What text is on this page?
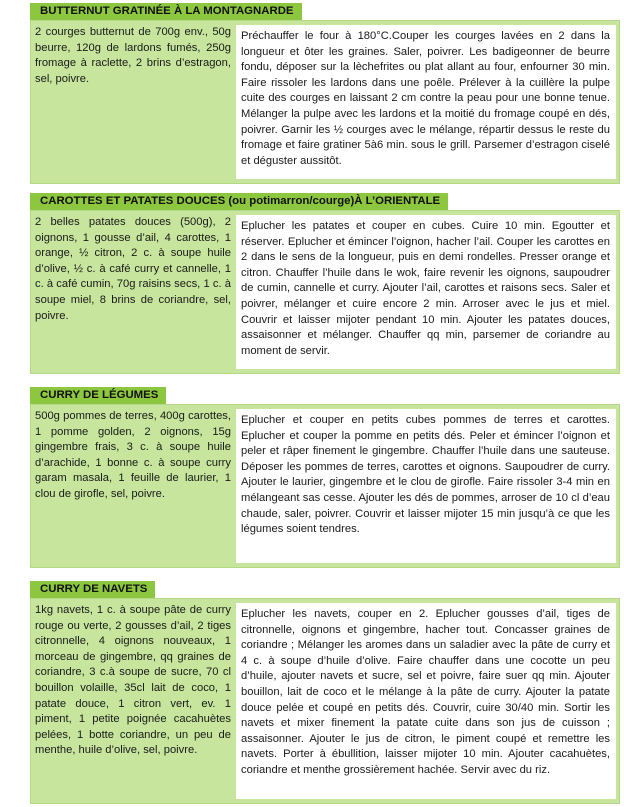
BUTTERNUT GRATINÉE À LA MONTAGNARDE

2 courges butternut de 700g env., 50g beurre, 120g de lardons fumés, 250g fromage à raclette, 2 brins d’estragon, sel, poivre.

Préchauffer le four à 180°C.Couper les courges lavées en 2 dans la longueur et ôter les graines. Saler, poivrer. Les badigeonner de beurre fondu, déposer sur la lèchefrites ou plat allant au four, enfourner 30 min. Faire rissoler les lardons dans une poêle. Prélever à la cuillère la pulpe cuite des courges en laissant 2 cm contre la peau pour une bonne tenue. Mélanger la pulpe avec les lardons et la moitié du fromage coupé en dés, poivrer. Garnir les ½ courges avec le mélange, répartir dessus le reste du fromage et faire gratiner 5à6 min. sous le grill. Parsemer d’estragon ciselé et déguster aussitôt.

CAROTTES ET PATATES DOUCES (ou potimarron/courge)À L’ORIENTALE

2 belles patates douces (500g), 2 oignons, 1 gousse d’ail, 4 carottes, 1 orange, ½ citron, 2 c. à soupe huile d’olive, ½ c. à café curry et cannelle, 1 c. à café cumin, 70g raisins secs, 1 c. à soupe miel, 8 brins de coriandre, sel, poivre.

Eplucher les patates et couper en cubes. Cuire 10 min. Egoutter et réserver. Eplucher et émincer l’oignon, hacher l’ail. Couper les carottes en 2 dans le sens de la longueur, puis en demi rondelles. Presser orange et citron. Chauffer l’huile dans le wok, faire revenir les oignons, saupoudrer de cumin, cannelle et curry. Ajouter l’ail, carottes et raisons secs. Saler et poivrer, mélanger et cuire encore 2 min. Arroser avec le jus et miel. Couvrir et laisser mijoter pendant 10 min. Ajouter les patates douces, assaisonner et mélanger. Chauffer qq min, parsemer de coriandre au moment de servir.

CURRY DE LÉGUMES

500g pommes de terres, 400g carottes, 1 pomme golden, 2 oignons, 15g gingembre frais, 3 c. à soupe huile d’arachide, 1 bonne c. à soupe curry garam masala, 1 feuille de laurier, 1 clou de girofle, sel, poivre.

Eplucher et couper en petits cubes pommes de terres et carottes. Eplucher et couper la pomme en petits dés. Peler et émincer l’oignon et peler et râper finement le gingembre. Chauffer l’huile dans une sauteuse. Déposer les pommes de terres, carottes et oignons. Saupoudrer de curry. Ajouter le laurier, gingembre et le clou de girofle. Faire rissoler 3-4 min en mélangeant sas cesse. Ajouter les dés de pommes, arroser de 10 cl d’eau chaude, saler, poivrer. Couvrir et laisser mijoter 15 min jusqu’à ce que les légumes soient tendres.

CURRY DE NAVETS

1kg navets, 1 c. à soupe pâte de curry rouge ou verte, 2 gousses d’ail, 2 tiges citronnelle, 4 oignons nouveaux, 1 morceau de gingembre, qq graines de coriandre, 3 c.à soupe de sucre, 70 cl bouillon volaille, 35cl lait de coco, 1 patate douce, 1 citron vert, ev. 1 piment, 1 petite poignée cacahuètes pelées, 1 botte coriandre, un peu de menthe, huile d’olive, sel, poivre.

Eplucher les navets, couper en 2. Eplucher gousses d’ail, tiges de citronnelle, oignons et gingembre, hacher tout. Concasser graines de coriandre ; Mélanger les aromes dans un saladier avec la pâte de curry et 4 c. à soupe d’huile d’olive. Faire chauffer dans une cocotte un peu d’huile, ajouter navets et sucre, sel et poivre, faire suer qq min. Ajouter bouillon, lait de coco et le mélange à la pâte de curry. Ajouter la patate douce pelée et coupé en petits dés. Couvrir, cuire 30/40 min. Sortir les navets et mixer finement la patate cuite dans son jus de cuisson ; assaisonner. Ajouter le jus de citron, le piment coupé et remettre les navets. Porter à ébullition, laisser mijoter 10 min. Ajouter cacahuètes, coriandre et menthe grossièrement hachée. Servir avec du riz.
